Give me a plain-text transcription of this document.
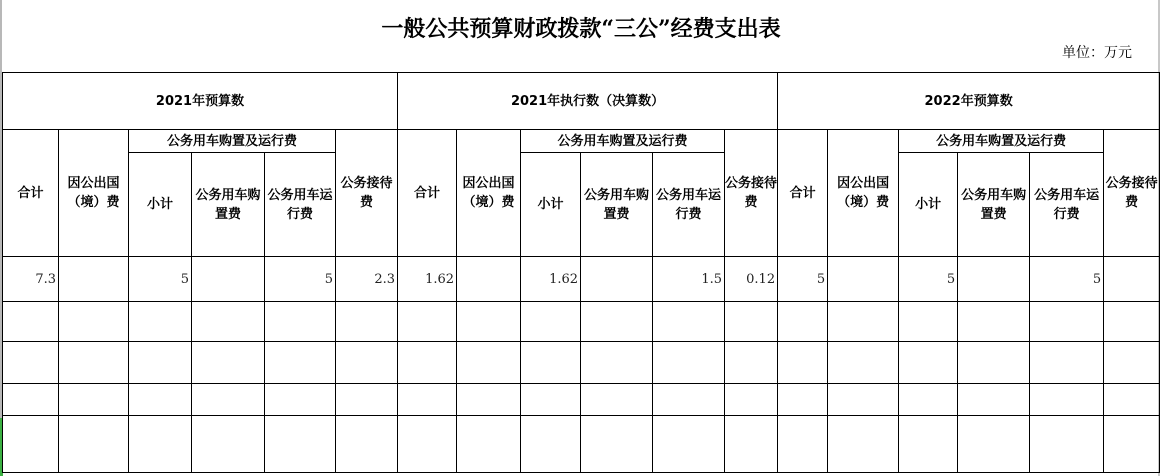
一般公共预算财政拨款“三公”经费支出表
单位：万元
2021年预算数						2021年执行数（决算数）						2022年预算数					
合计	因公出国（境）费	公务用车购置及运行费			公务接待费	合计	因公出国（境）费	公务用车购置及运行费			公务接待费	合计	因公出国（境）费	公务用车购置及运行费			公务接待费
		小计	公务用车购置费	公务用车运行费				小计	公务用车购置费	公务用车运行费				小计	公务用车购置费	公务用车运行费	
7.3		5		5	2.3	1.62		1.62		1.5	0.12	5		5		5	
